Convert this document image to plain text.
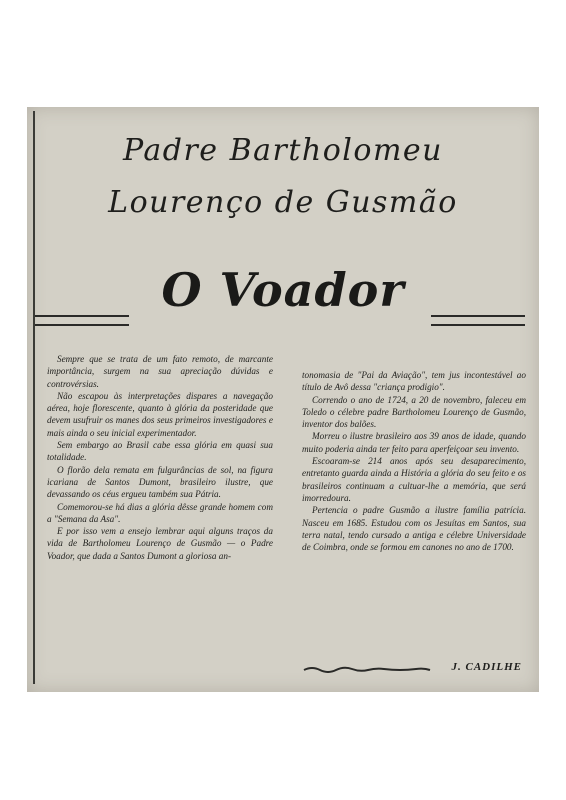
Padre Bartholomeu
Lourenço de Gusmão
O Voador

Sempre que se trata de um fato remoto, de marcante importância, surgem na sua apreciação dúvidas e controvérsias.

Não escapou às interpretações dispares a navegação aérea, hoje florescente, quanto à glória da posteridade que devem usufruir os manes dos seus primeiros investigadores e mais ainda o seu inicial experimentador.

Sem embargo ao Brasil cabe essa glória em quasi sua totalidade.

O florão dela remata em fulgurâncias de sol, na figura icariana de Santos Dumont, brasileiro ilustre, que devassando os céus ergueu também sua Pátria.

Comemorou-se há dias a glória dêsse grande homem com a "Semana da Asa".

E por isso vem a ensejo lembrar aqui alguns traços da vida de Bartholomeu Lourenço de Gusmão — o Padre Voador, que dada a Santos Dumont a gloriosa an-

tonomasia de "Pai da Aviação", tem jus incontestável ao título de Avô dessa "criança prodigio".

Correndo o ano de 1724, a 20 de novembro, faleceu em Toledo o célebre padre Bartholomeu Lourenço de Gusmão, inventor dos balões.

Morreu o ilustre brasileiro aos 39 anos de idade, quando muito poderia ainda ter feito para aperfeiçoar seu invento.

Escoaram-se 214 anos após seu desaparecimento, entretanto guarda ainda a História a glória do seu feito e os brasileiros continuam a cultuar-lhe a memória, que será imorredoura.

Pertencia o padre Gusmão a ilustre família patrícia. Nasceu em 1685. Estudou com os Jesuítas em Santos, sua terra natal, tendo cursado a antiga e célebre Universidade de Coimbra, onde se formou em canones no ano de 1700.

J. CADILHE
